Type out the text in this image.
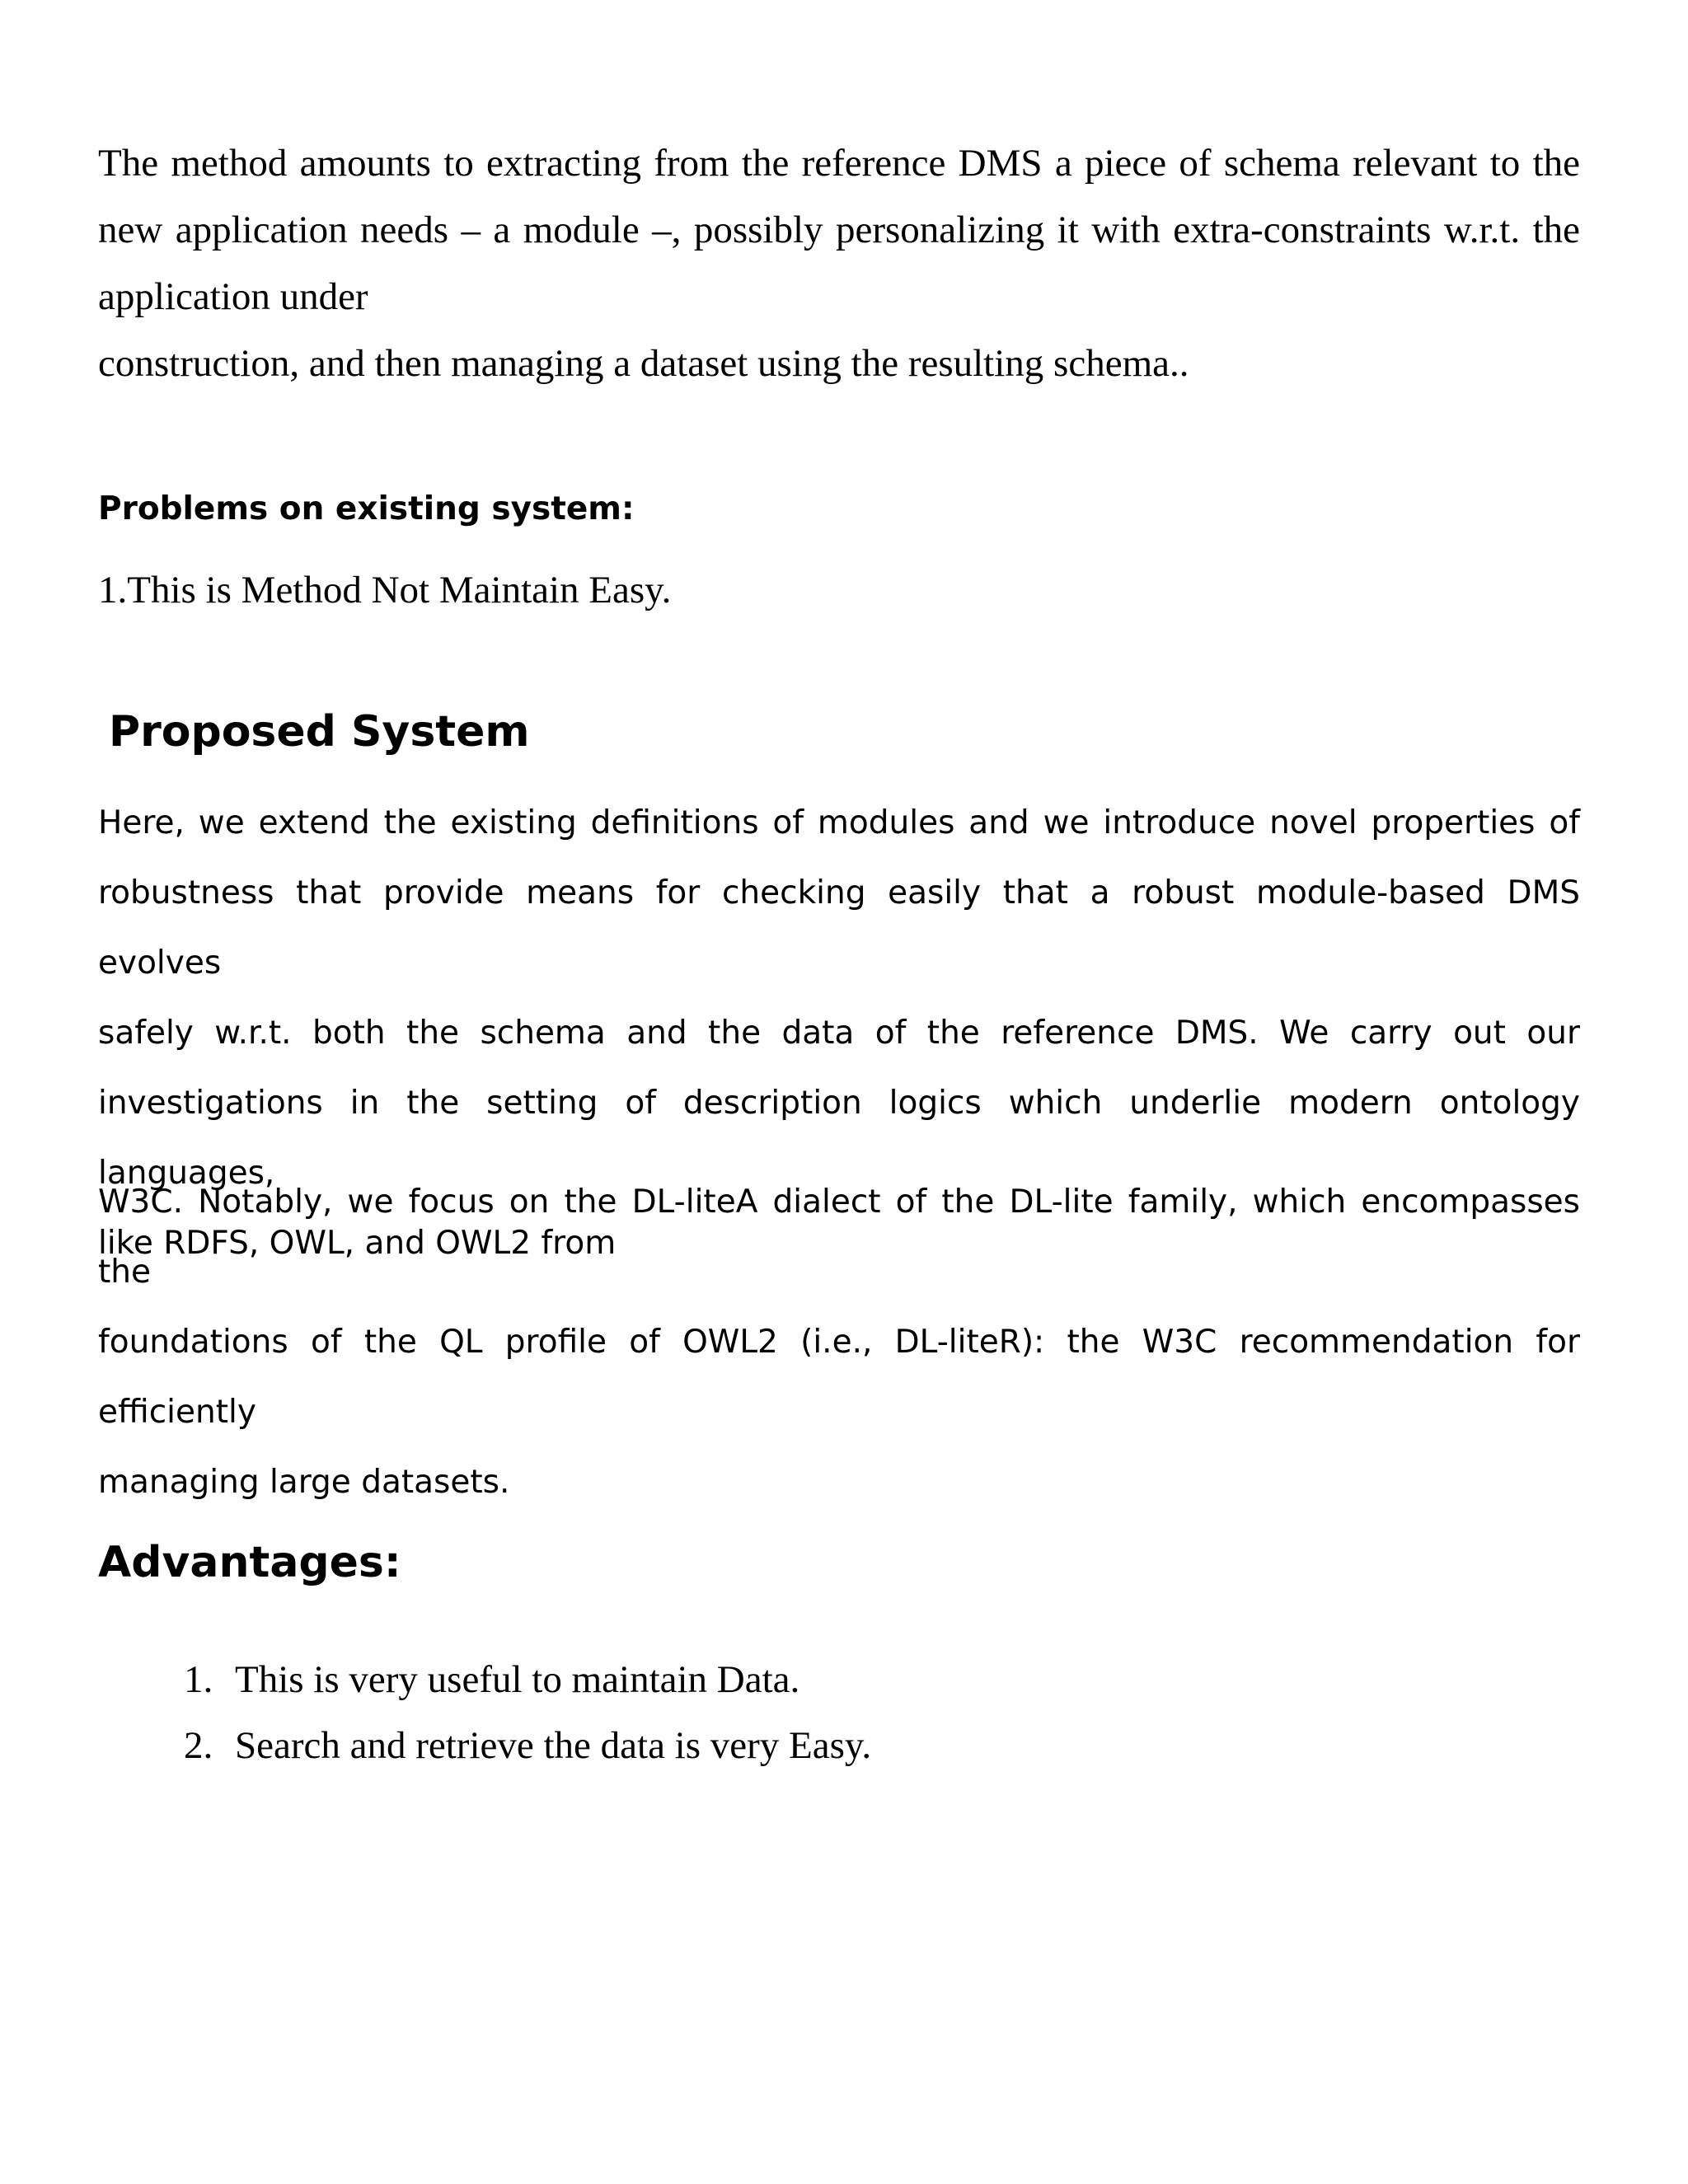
The method amounts to extracting from the reference DMS a piece of schema relevant to the
new application needs – a module –, possibly personalizing it with extra-constraints w.r.t. the
application under
construction, and then managing a dataset using the resulting schema..

Problems on existing system:

1.This is Method Not Maintain Easy.

Proposed System

Here, we extend the existing definitions of modules and we introduce novel properties of
robustness that provide means for checking easily that a robust module-based DMS evolves
safely w.r.t. both the schema and the data of the reference DMS. We carry out our
investigations in the setting of description logics which underlie modern ontology languages,
like RDFS, OWL, and OWL2 from

W3C. Notably, we focus on the DL-liteA dialect of the DL-lite family, which encompasses the
foundations of the QL profile of OWL2 (i.e., DL-liteR): the W3C recommendation for efficiently
managing large datasets.

Advantages:
1. This is very useful to maintain Data.
2. Search and retrieve the data is very Easy.
